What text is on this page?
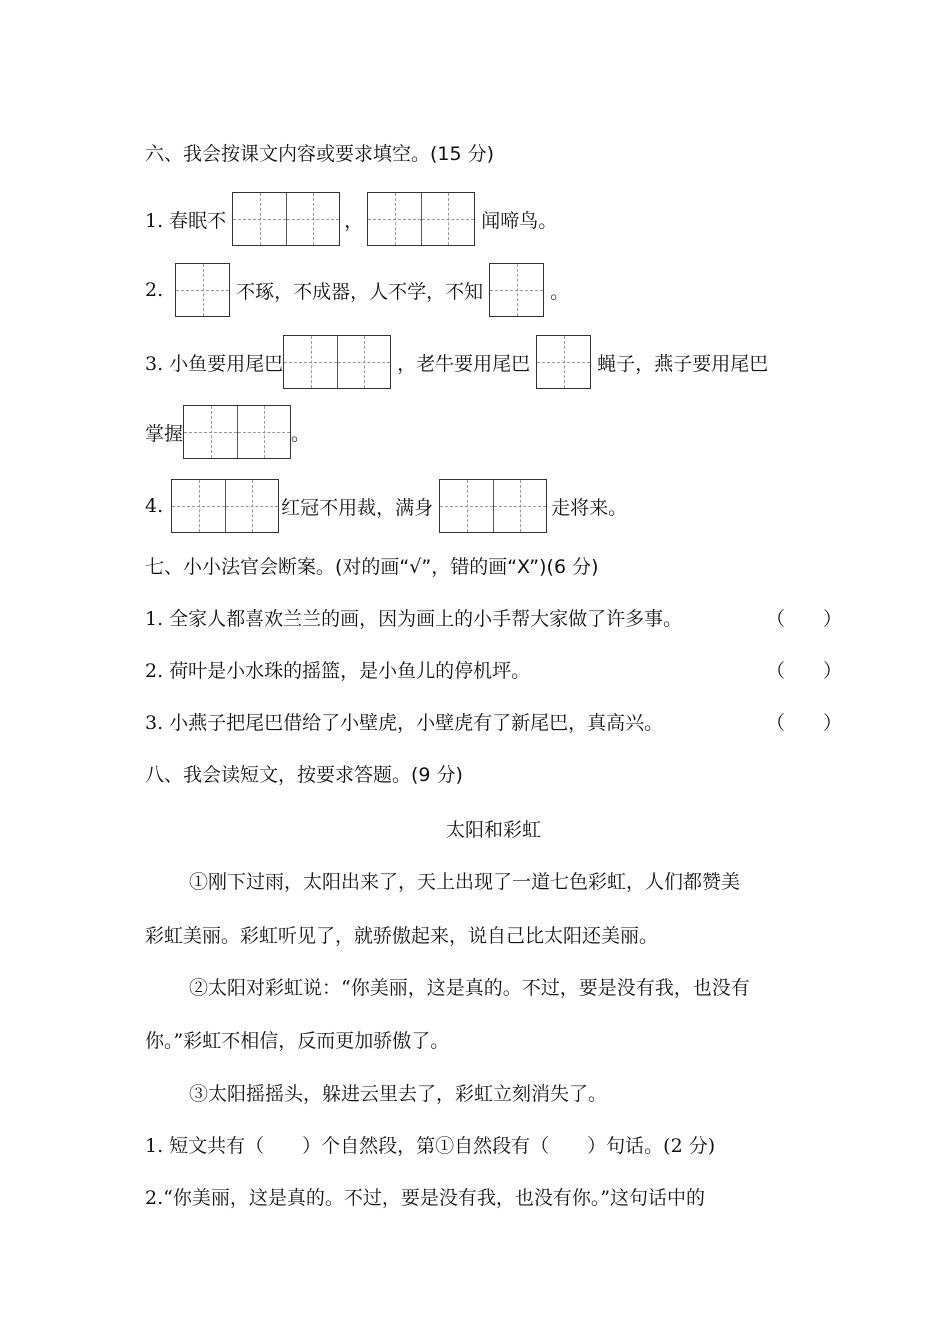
六、我会按课文内容或要求填空。(15 分)
1. 春眠不	，	闻啼鸟。
2.	不琢，不成器，人不学，不知	。
3. 小鱼要用尾巴	，老牛要用尾巴	蝇子，燕子要用尾巴
掌握	。
4.	红冠不用裁，满身	走将来。
七、小小法官会断案。(对的画“√”，错的画“X”)(6 分)
1. 全家人都喜欢兰兰的画，因为画上的小手帮大家做了许多事。	（　　）
2. 荷叶是小水珠的摇篮，是小鱼儿的停机坪。	（　　）
3. 小燕子把尾巴借给了小壁虎，小壁虎有了新尾巴，真高兴。	（　　）
八、我会读短文，按要求答题。(9 分)
太阳和彩虹
①刚下过雨，太阳出来了，天上出现了一道七色彩虹，人们都赞美
彩虹美丽。彩虹听见了，就骄傲起来，说自己比太阳还美丽。
②太阳对彩虹说：“你美丽，这是真的。不过，要是没有我，也没有
你。”彩虹不相信，反而更加骄傲了。
③太阳摇摇头，躲进云里去了，彩虹立刻消失了。
1. 短文共有（　　）个自然段，第①自然段有（　　）句话。(2 分)
2.“你美丽，这是真的。不过，要是没有我，也没有你。”这句话中的
